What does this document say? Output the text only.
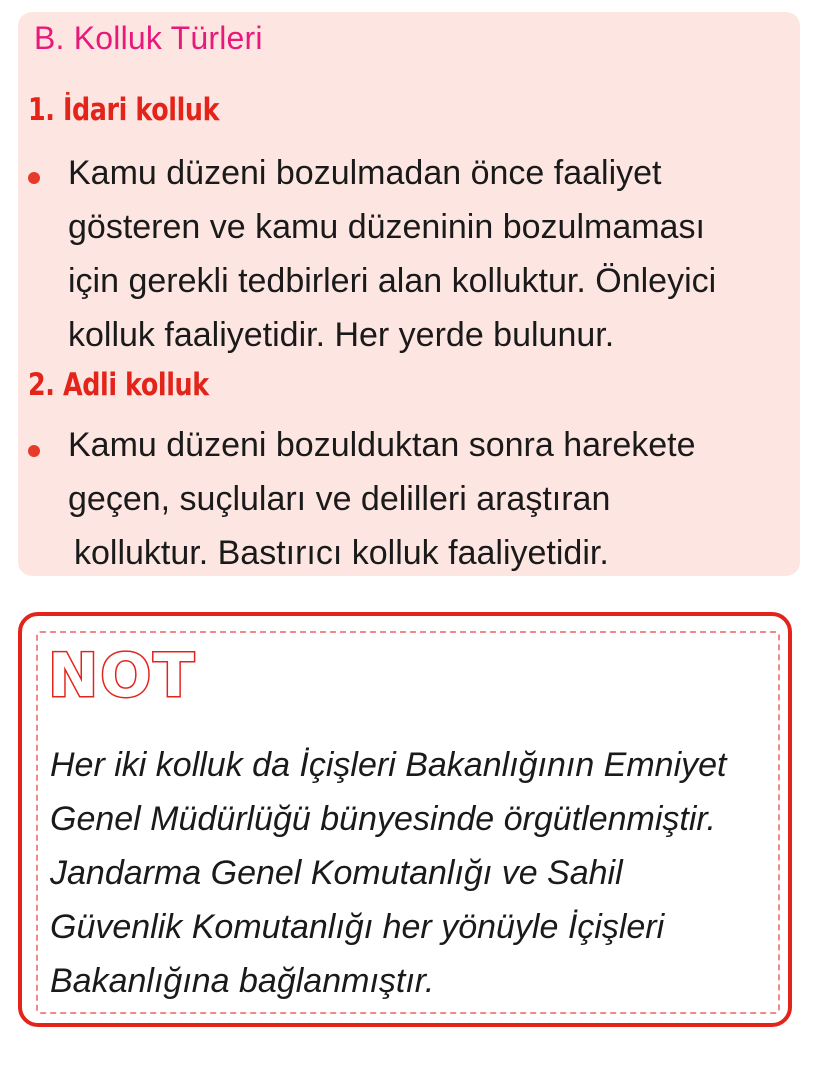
B. Kolluk Türleri
1. İdari kolluk
Kamu düzeni bozulmadan önce faaliyet
gösteren ve kamu düzeninin bozulmaması
için gerekli tedbirleri alan kolluktur. Önleyici
kolluk faaliyetidir. Her yerde bulunur.
2. Adli kolluk
Kamu düzeni bozulduktan sonra harekete
geçen, suçluları ve delilleri araştıran
kolluktur. Bastırıcı kolluk faaliyetidir.
NOT
Her iki kolluk da İçişleri Bakanlığının Emniyet
Genel Müdürlüğü bünyesinde örgütlenmiştir.
Jandarma Genel Komutanlığı ve Sahil
Güvenlik Komutanlığı her yönüyle İçişleri
Bakanlığına bağlanmıştır.
